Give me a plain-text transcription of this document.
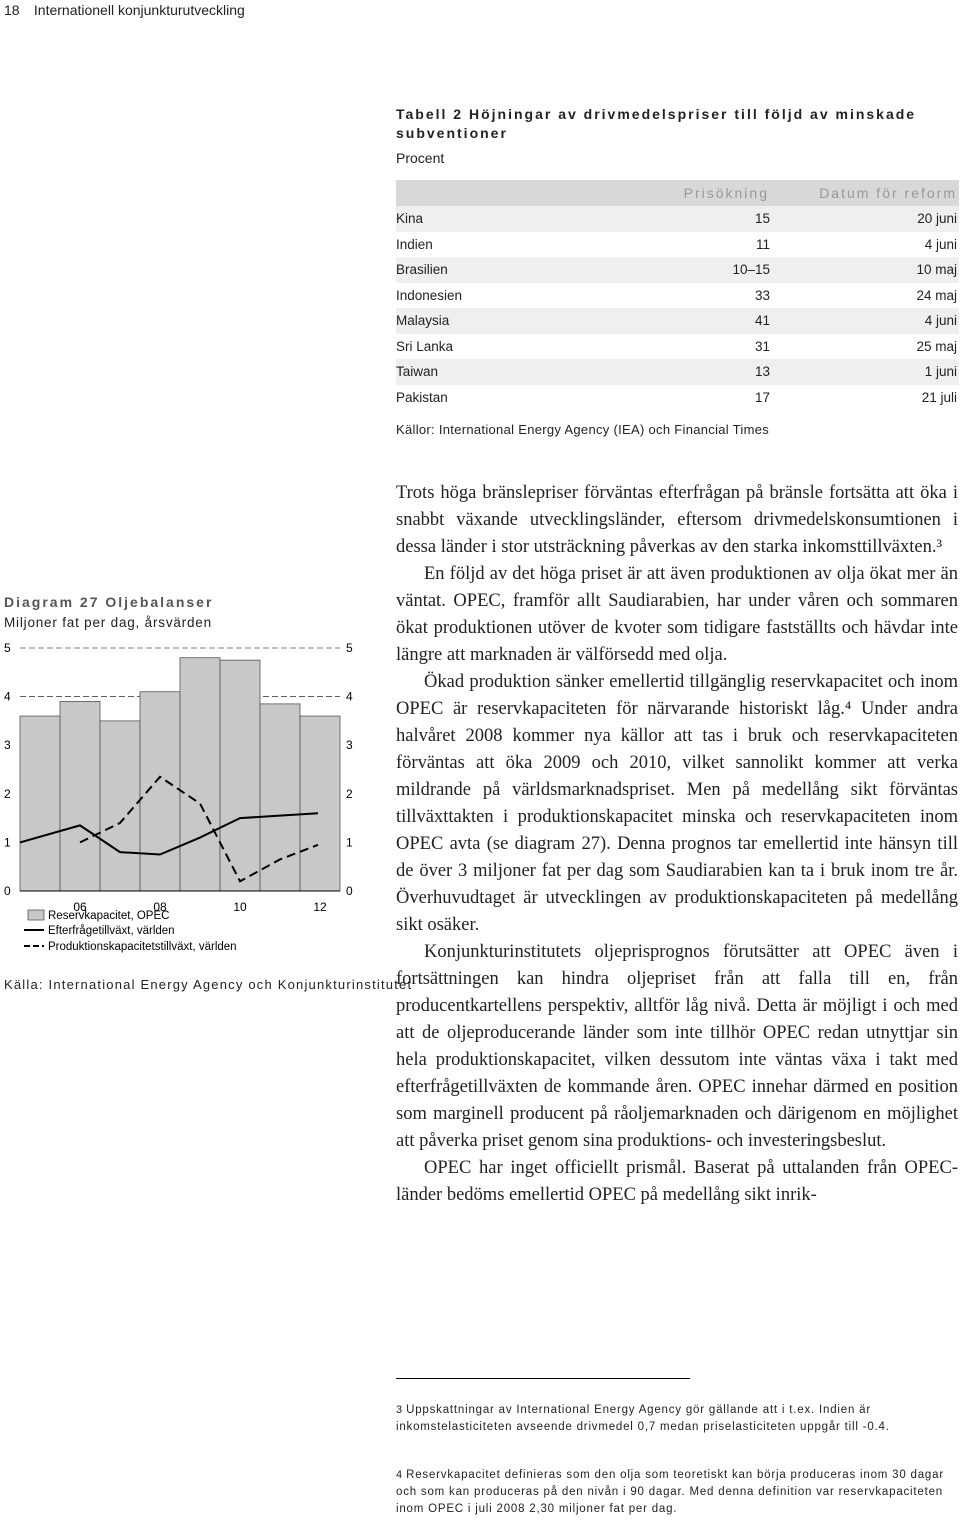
18 Internationell konjunkturutveckling
Tabell 2 Höjningar av drivmedelspriser till följd av minskade subventioner
Procent
	Prisökning	Datum för reform
Kina	15	20 juni
Indien	11	4 juni
Brasilien	10–15	10 maj
Indonesien	33	24 maj
Malaysia	41	4 juni
Sri Lanka	31	25 maj
Taiwan	13	1 juni
Pakistan	17	21 juli
Källor: International Energy Agency (IEA) och Financial Times
Diagram 27 Oljebalanser
Miljoner fat per dag, årsvärden
0	0
1	1
2	2
3	3
4	4
5	5
06	08	10	12
Reservkapacitet, OPEC
Efterfrågetillväxt, världen
Produktionskapacitetstillväxt, världen
Källa: International Energy Agency och Konjunkturinstitutet

Trots höga bränslepriser förväntas efterfrågan på bränsle fortsätta att öka i snabbt växande utvecklingsländer, eftersom drivmedelskonsumtionen i dessa länder i stor utsträckning påverkas av den starka inkomsttillväxten.³

En följd av det höga priset är att även produktionen av olja ökat mer än väntat. OPEC, framför allt Saudiarabien, har under våren och sommaren ökat produktionen utöver de kvoter som tidigare fastställts och hävdar inte längre att marknaden är välförsedd med olja.

Ökad produktion sänker emellertid tillgänglig reservkapacitet och inom OPEC är reservkapaciteten för närvarande historiskt låg.⁴ Under andra halvåret 2008 kommer nya källor att tas i bruk och reservkapaciteten förväntas att öka 2009 och 2010, vilket sannolikt kommer att verka mildrande på världsmarknadspriset. Men på medellång sikt förväntas tillväxttakten i produktionskapacitet minska och reservkapaciteten inom OPEC avta (se diagram 27). Denna prognos tar emellertid inte hänsyn till de över 3 miljoner fat per dag som Saudiarabien kan ta i bruk inom tre år. Överhuvudtaget är utvecklingen av produktionskapaciteten på medellång sikt osäker.

Konjunkturinstitutets oljeprisprognos förutsätter att OPEC även i fortsättningen kan hindra oljepriset från att falla till en, från producentkartellens perspektiv, alltför låg nivå. Detta är möjligt i och med att de oljeproducerande länder som inte tillhör OPEC redan utnyttjar sin hela produktionskapacitet, vilken dessutom inte väntas växa i takt med efterfrågetillväxten de kommande åren. OPEC innehar därmed en position som marginell producent på råoljemarknaden och därigenom en möjlighet att påverka priset genom sina produktions- och investeringsbeslut.

OPEC har inget officiellt prismål. Baserat på uttalanden från OPEC-länder bedöms emellertid OPEC på medellång sikt inrik-

3 Uppskattningar av International Energy Agency gör gällande att i t.ex. Indien är inkomstelasticiteten avseende drivmedel 0,7 medan priselasticiteten uppgår till -0.4.
4 Reservkapacitet definieras som den olja som teoretiskt kan börja produceras inom 30 dagar och som kan produceras på den nivån i 90 dagar. Med denna definition var reservkapaciteten inom OPEC i juli 2008 2,30 miljoner fat per dag.
